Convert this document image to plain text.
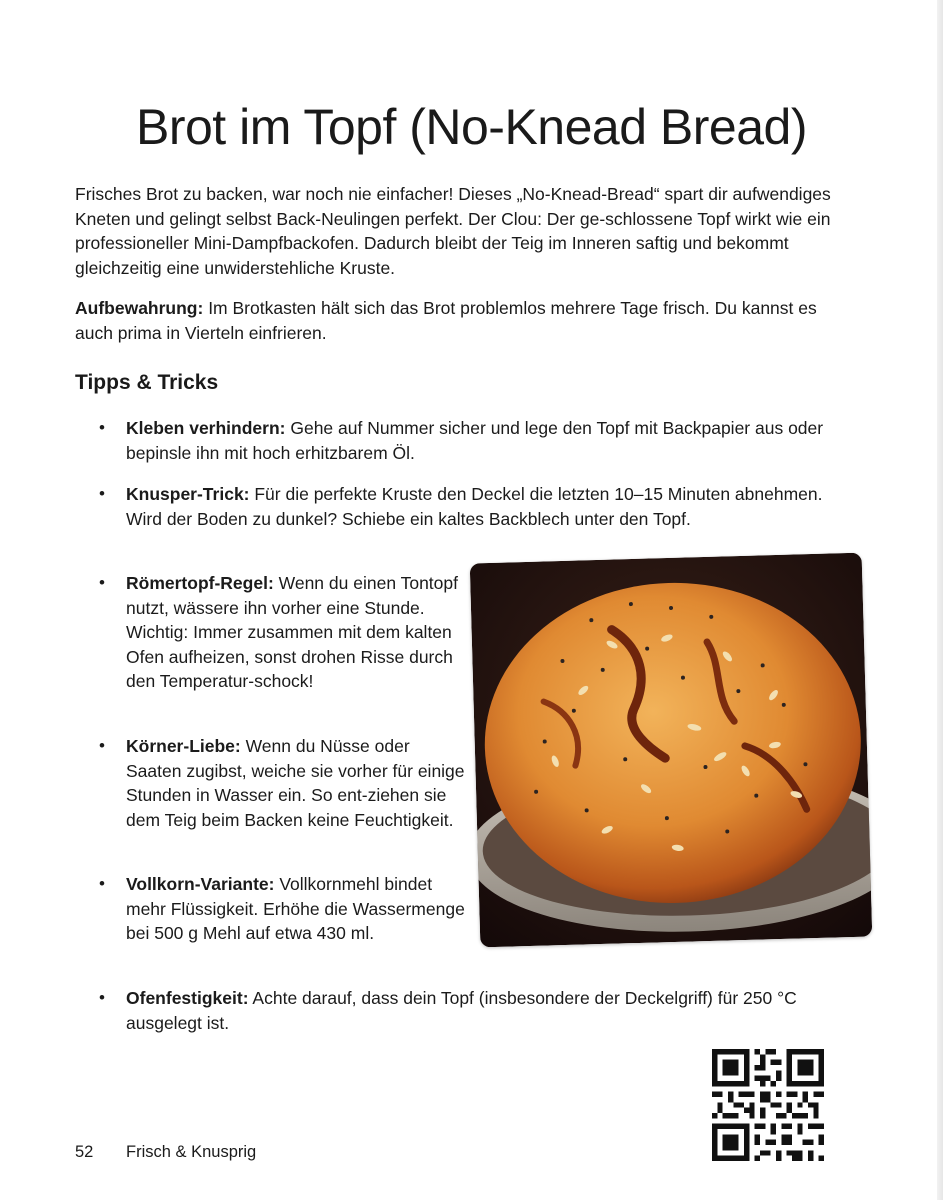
Brot im Topf (No-Knead Bread)

Frisches Brot zu backen, war noch nie einfacher! Dieses „No-Knead-Bread“ spart dir aufwendiges Kneten und gelingt selbst Back-Neulingen perfekt. Der Clou: Der ge-schlossene Topf wirkt wie ein professioneller Mini-Dampfbackofen. Dadurch bleibt der Teig im Inneren saftig und bekommt gleichzeitig eine unwiderstehliche Kruste.

Aufbewahrung: Im Brotkasten hält sich das Brot problemlos mehrere Tage frisch. Du kannst es auch prima in Vierteln einfrieren.

Tipps & Tricks
• Kleben verhindern: Gehe auf Nummer sicher und lege den Topf mit Backpapier aus oder bepinsle ihn mit hoch erhitzbarem Öl.
• Knusper-Trick: Für die perfekte Kruste den Deckel die letzten 10–15 Minuten abnehmen. Wird der Boden zu dunkel? Schiebe ein kaltes Backblech unter den Topf.
• Römertopf-Regel: Wenn du einen Tontopf nutzt, wässere ihn vorher eine Stunde. Wichtig: Immer zusammen mit dem kalten Ofen aufheizen, sonst drohen Risse durch den Temperatur-schock!
• Körner-Liebe: Wenn du Nüsse oder Saaten zugibst, weiche sie vorher für einige Stunden in Wasser ein. So ent-ziehen sie dem Teig beim Backen keine Feuchtigkeit.
• Vollkorn-Variante: Vollkornmehl bindet mehr Flüssigkeit. Erhöhe die Wassermenge bei 500 g Mehl auf etwa 430 ml.
• Ofenfestigkeit: Achte darauf, dass dein Topf (insbesondere der Deckelgriff) für 250 °C ausgelegt ist.
52 Frisch & Knusprig
